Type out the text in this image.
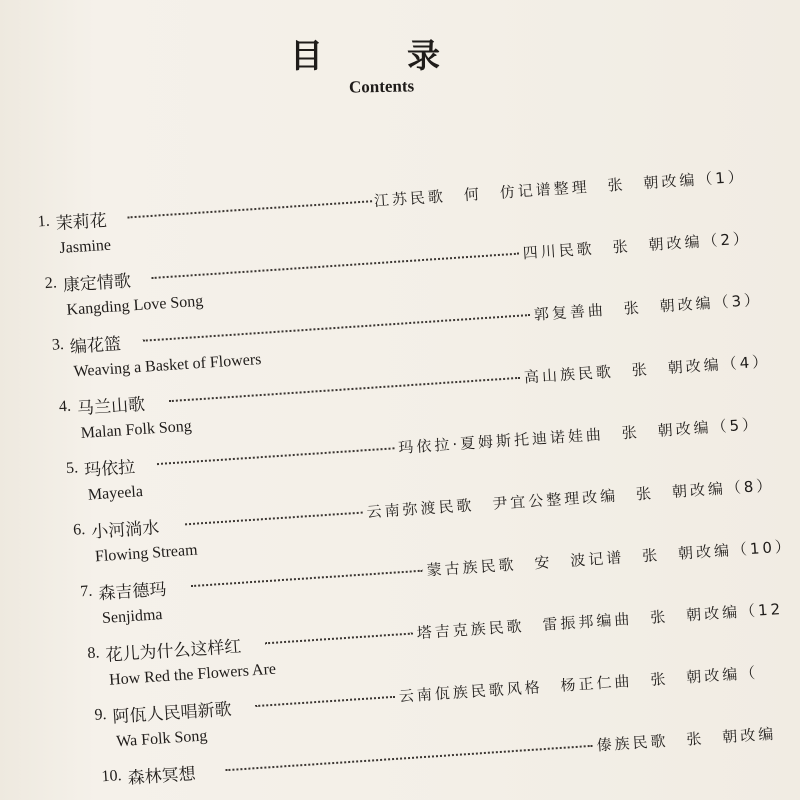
目录
Contents
1. 茉莉花
江苏民歌　何　仿记谱整理　张　朝改编（1）
Jasmine
2. 康定情歌
四川民歌　张　朝改编（2）
Kangding Love Song
3. 编花篮
郭复善曲　张　朝改编（3）
Weaving a Basket of Flowers
4. 马兰山歌
高山族民歌　张　朝改编（4）
Malan Folk Song
5. 玛依拉
玛依拉·夏姆斯托迪诺娃曲　张　朝改编（5）
Mayeela
6. 小河淌水
云南弥渡民歌　尹宜公整理改编　张　朝改编（8）
Flowing Stream
7. 森吉德玛
蒙古族民歌　安　波记谱　张　朝改编（10）
Senjidma
8. 花儿为什么这样红
塔吉克族民歌　雷振邦编曲　张　朝改编（12
How Red the Flowers Are
9. 阿佤人民唱新歌
云南佤族民歌风格　杨正仁曲　张　朝改编（
Wa Folk Song
10. 森林冥想
傣族民歌　张　朝改编
